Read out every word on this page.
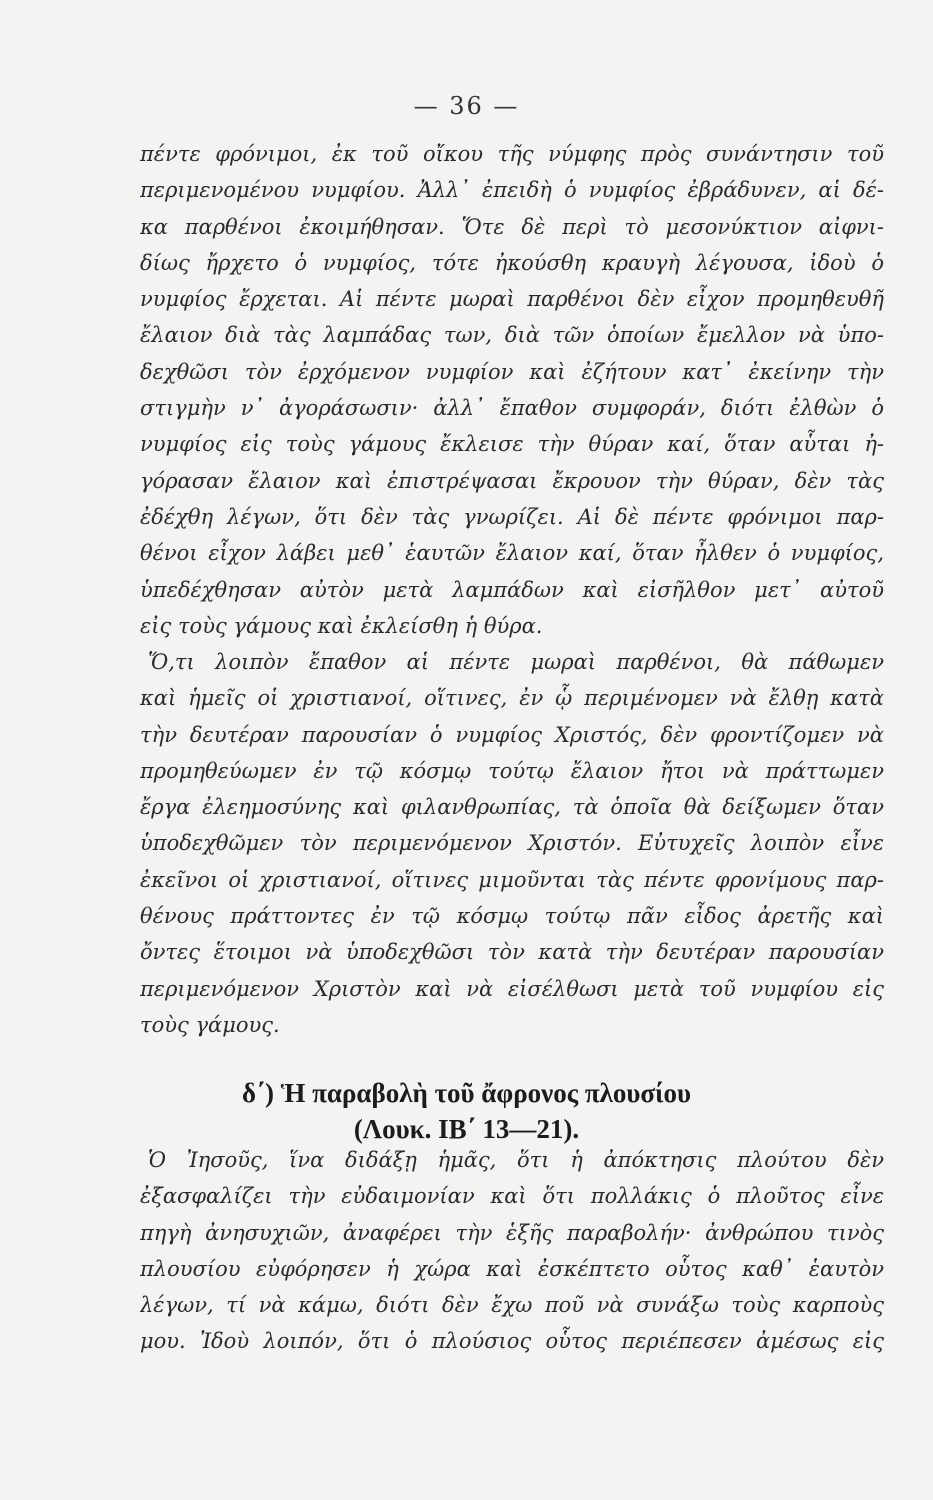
— 36 —
πέντε φρόνιμοι, ἐκ τοῦ οἴκου τῆς νύμφης πρὸς συνάντησιν τοῦ
περιμενομένου νυμφίου. Ἀλλ᾽ ἐπειδὴ ὁ νυμφίος ἐβράδυνεν, αἱ δέ-
κα παρθένοι ἐκοιμήθησαν. Ὅτε δὲ περὶ τὸ μεσονύκτιον αἰφνι-
δίως ἤρχετο ὁ νυμφίος, τότε ἠκούσθη κραυγὴ λέγουσα, ἰδοὺ ὁ
νυμφίος ἔρχεται. Αἱ πέντε μωραὶ παρθένοι δὲν εἶχον προμηθευθῆ
ἔλαιον διὰ τὰς λαμπάδας των, διὰ τῶν ὁποίων ἔμελλον νὰ ὑπο-
δεχθῶσι τὸν ἐρχόμενον νυμφίον καὶ ἐζήτουν κατ᾽ ἐκείνην τὴν
στιγμὴν ν᾽ ἀγοράσωσιν· ἀλλ᾽ ἔπαθον συμφοράν, διότι ἐλθὼν ὁ
νυμφίος εἰς τοὺς γάμους ἔκλεισε τὴν θύραν καί, ὅταν αὗται ἠ-
γόρασαν ἔλαιον καὶ ἐπιστρέψασαι ἔκρουον τὴν θύραν, δὲν τὰς
ἐδέχθη λέγων, ὅτι δὲν τὰς γνωρίζει. Αἱ δὲ πέντε φρόνιμοι παρ-
θένοι εἶχον λάβει μεθ᾽ ἑαυτῶν ἔλαιον καί, ὅταν ἦλθεν ὁ νυμφίος,
ὑπεδέχθησαν αὐτὸν μετὰ λαμπάδων καὶ εἰσῆλθον μετ᾽ αὐτοῦ
εἰς τοὺς γάμους καὶ ἐκλείσθη ἡ θύρα.
Ὅ,τι λοιπὸν ἔπαθον αἱ πέντε μωραὶ παρθένοι, θὰ πάθωμεν
καὶ ἡμεῖς οἱ χριστιανοί, οἵτινες, ἐν ᾧ περιμένομεν νὰ ἔλθῃ κατὰ
τὴν δευτέραν παρουσίαν ὁ νυμφίος Χριστός, δὲν φροντίζομεν νὰ
προμηθεύωμεν ἐν τῷ κόσμῳ τούτῳ ἔλαιον ἤτοι νὰ πράττωμεν
ἔργα ἐλεημοσύνης καὶ φιλανθρωπίας, τὰ ὁποῖα θὰ δείξωμεν ὅταν
ὑποδεχθῶμεν τὸν περιμενόμενον Χριστόν. Εὐτυχεῖς λοιπὸν εἶνε
ἐκεῖνοι οἱ χριστιανοί, οἵτινες μιμοῦνται τὰς πέντε φρονίμους παρ-
θένους πράττοντες ἐν τῷ κόσμῳ τούτῳ πᾶν εἶδος ἀρετῆς καὶ
ὄντες ἕτοιμοι νὰ ὑποδεχθῶσι τὸν κατὰ τὴν δευτέραν παρουσίαν
περιμενόμενον Χριστὸν καὶ νὰ εἰσέλθωσι μετὰ τοῦ νυμφίου εἰς
τοὺς γάμους.
δ΄) Ἡ παραβολὴ τοῦ ἄφρονος πλουσίου
(Λουκ. ΙΒ΄ 13—21).
Ὁ Ἰησοῦς, ἵνα διδάξῃ ἡμᾶς, ὅτι ἡ ἀπόκτησις πλούτου δὲν
ἐξασφαλίζει τὴν εὐδαιμονίαν καὶ ὅτι πολλάκις ὁ πλοῦτος εἶνε
πηγὴ ἀνησυχιῶν, ἀναφέρει τὴν ἑξῆς παραβολήν· ἀνθρώπου τινὸς
πλουσίου εὐφόρησεν ἡ χώρα καὶ ἐσκέπτετο οὗτος καθ᾽ ἑαυτὸν
λέγων, τί νὰ κάμω, διότι δὲν ἔχω ποῦ νὰ συνάξω τοὺς καρποὺς
μου. Ἰδοὺ λοιπόν, ὅτι ὁ πλούσιος οὗτος περιέπεσεν ἀμέσως εἰς
